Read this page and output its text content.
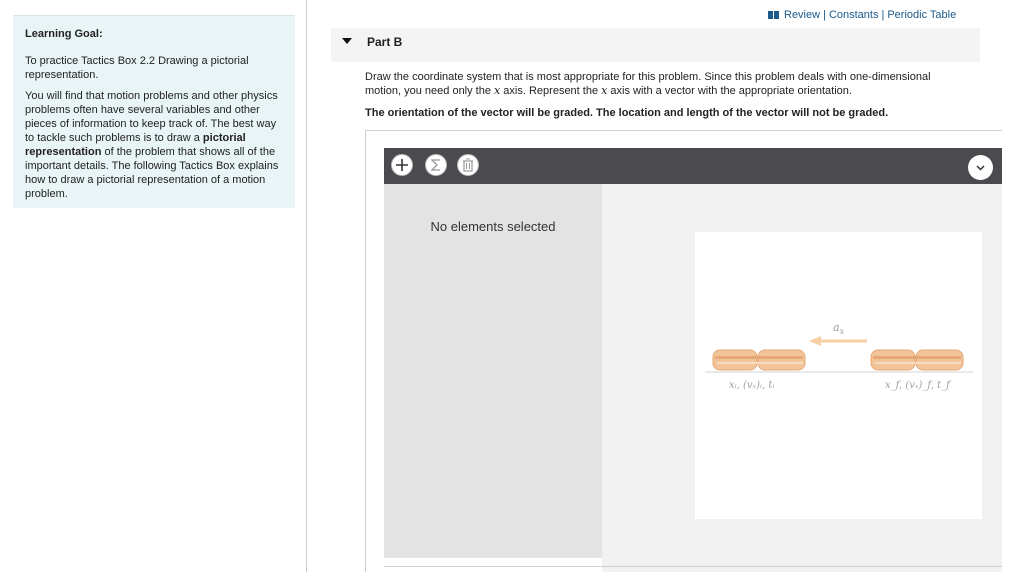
Learning Goal:

To practice Tactics Box 2.2 Drawing a pictorial representation.

You will find that motion problems and other physics problems often have several variables and other pieces of information to keep track of. The best way to tackle such problems is to draw a pictorial representation of the problem that shows all of the important details. The following Tactics Box explains how to draw a pictorial representation of a motion problem.

Review | Constants | Periodic Table
Part B
Draw the coordinate system that is most appropriate for this problem. Since this problem deals with one-dimensional motion, you need only the x axis. Represent the x axis with a vector with the appropriate orientation.
The orientation of the vector will be graded. The location and length of the vector will not be graded.
No elements selected
$a_x$
xᵢ, (vₓ)ᵢ, tᵢ	x_f, (vₓ)_f, t_f
